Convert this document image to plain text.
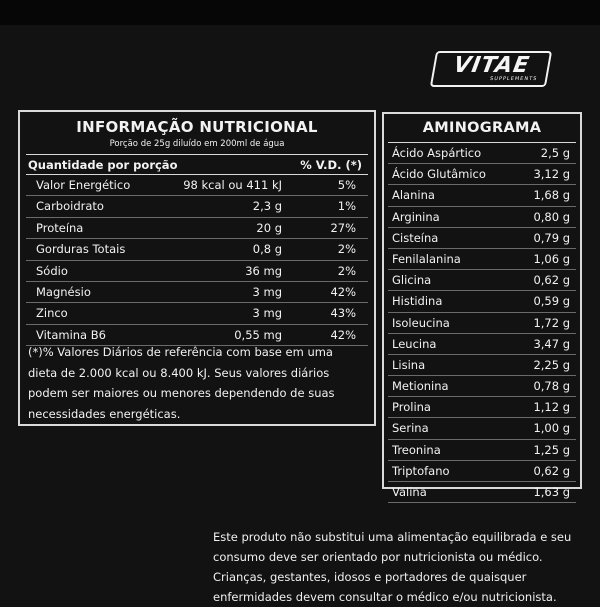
VITAE
SUPPLEMENTS
INFORMAÇÃO NUTRICIONAL
Porção de 25g diluído em 200ml de água
Quantidade por porção	% V.D. (*)
Valor Energético	98 kcal ou 411 kJ	5%
Carboidrato	2,3 g	1%
Proteína	20 g	27%
Gorduras Totais	0,8 g	2%
Sódio	36 mg	2%
Magnésio	3 mg	42%
Zinco	3 mg	43%
Vitamina B6	0,55 mg	42%
(*)% Valores Diários de referência com base em uma
dieta de 2.000 kcal ou 8.400 kJ. Seus valores diários
podem ser maiores ou menores dependendo de suas
necessidades energéticas.
AMINOGRAMA
Ácido Aspártico	2,5 g
Ácido Glutâmico	3,12 g
Alanina	1,68 g
Arginina	0,80 g
Cisteína	0,79 g
Fenilalanina	1,06 g
Glicina	0,62 g
Histidina	0,59 g
Isoleucina	1,72 g
Leucina	3,47 g
Lisina	2,25 g
Metionina	0,78 g
Prolina	1,12 g
Serina	1,00 g
Treonina	1,25 g
Triptofano	0,62 g
Valina	1,63 g
Este produto não substitui uma alimentação equilibrada e seu
consumo deve ser orientado por nutricionista ou médico.
Crianças, gestantes, idosos e portadores de quaisquer
enfermidades devem consultar o médico e/ou nutricionista.
